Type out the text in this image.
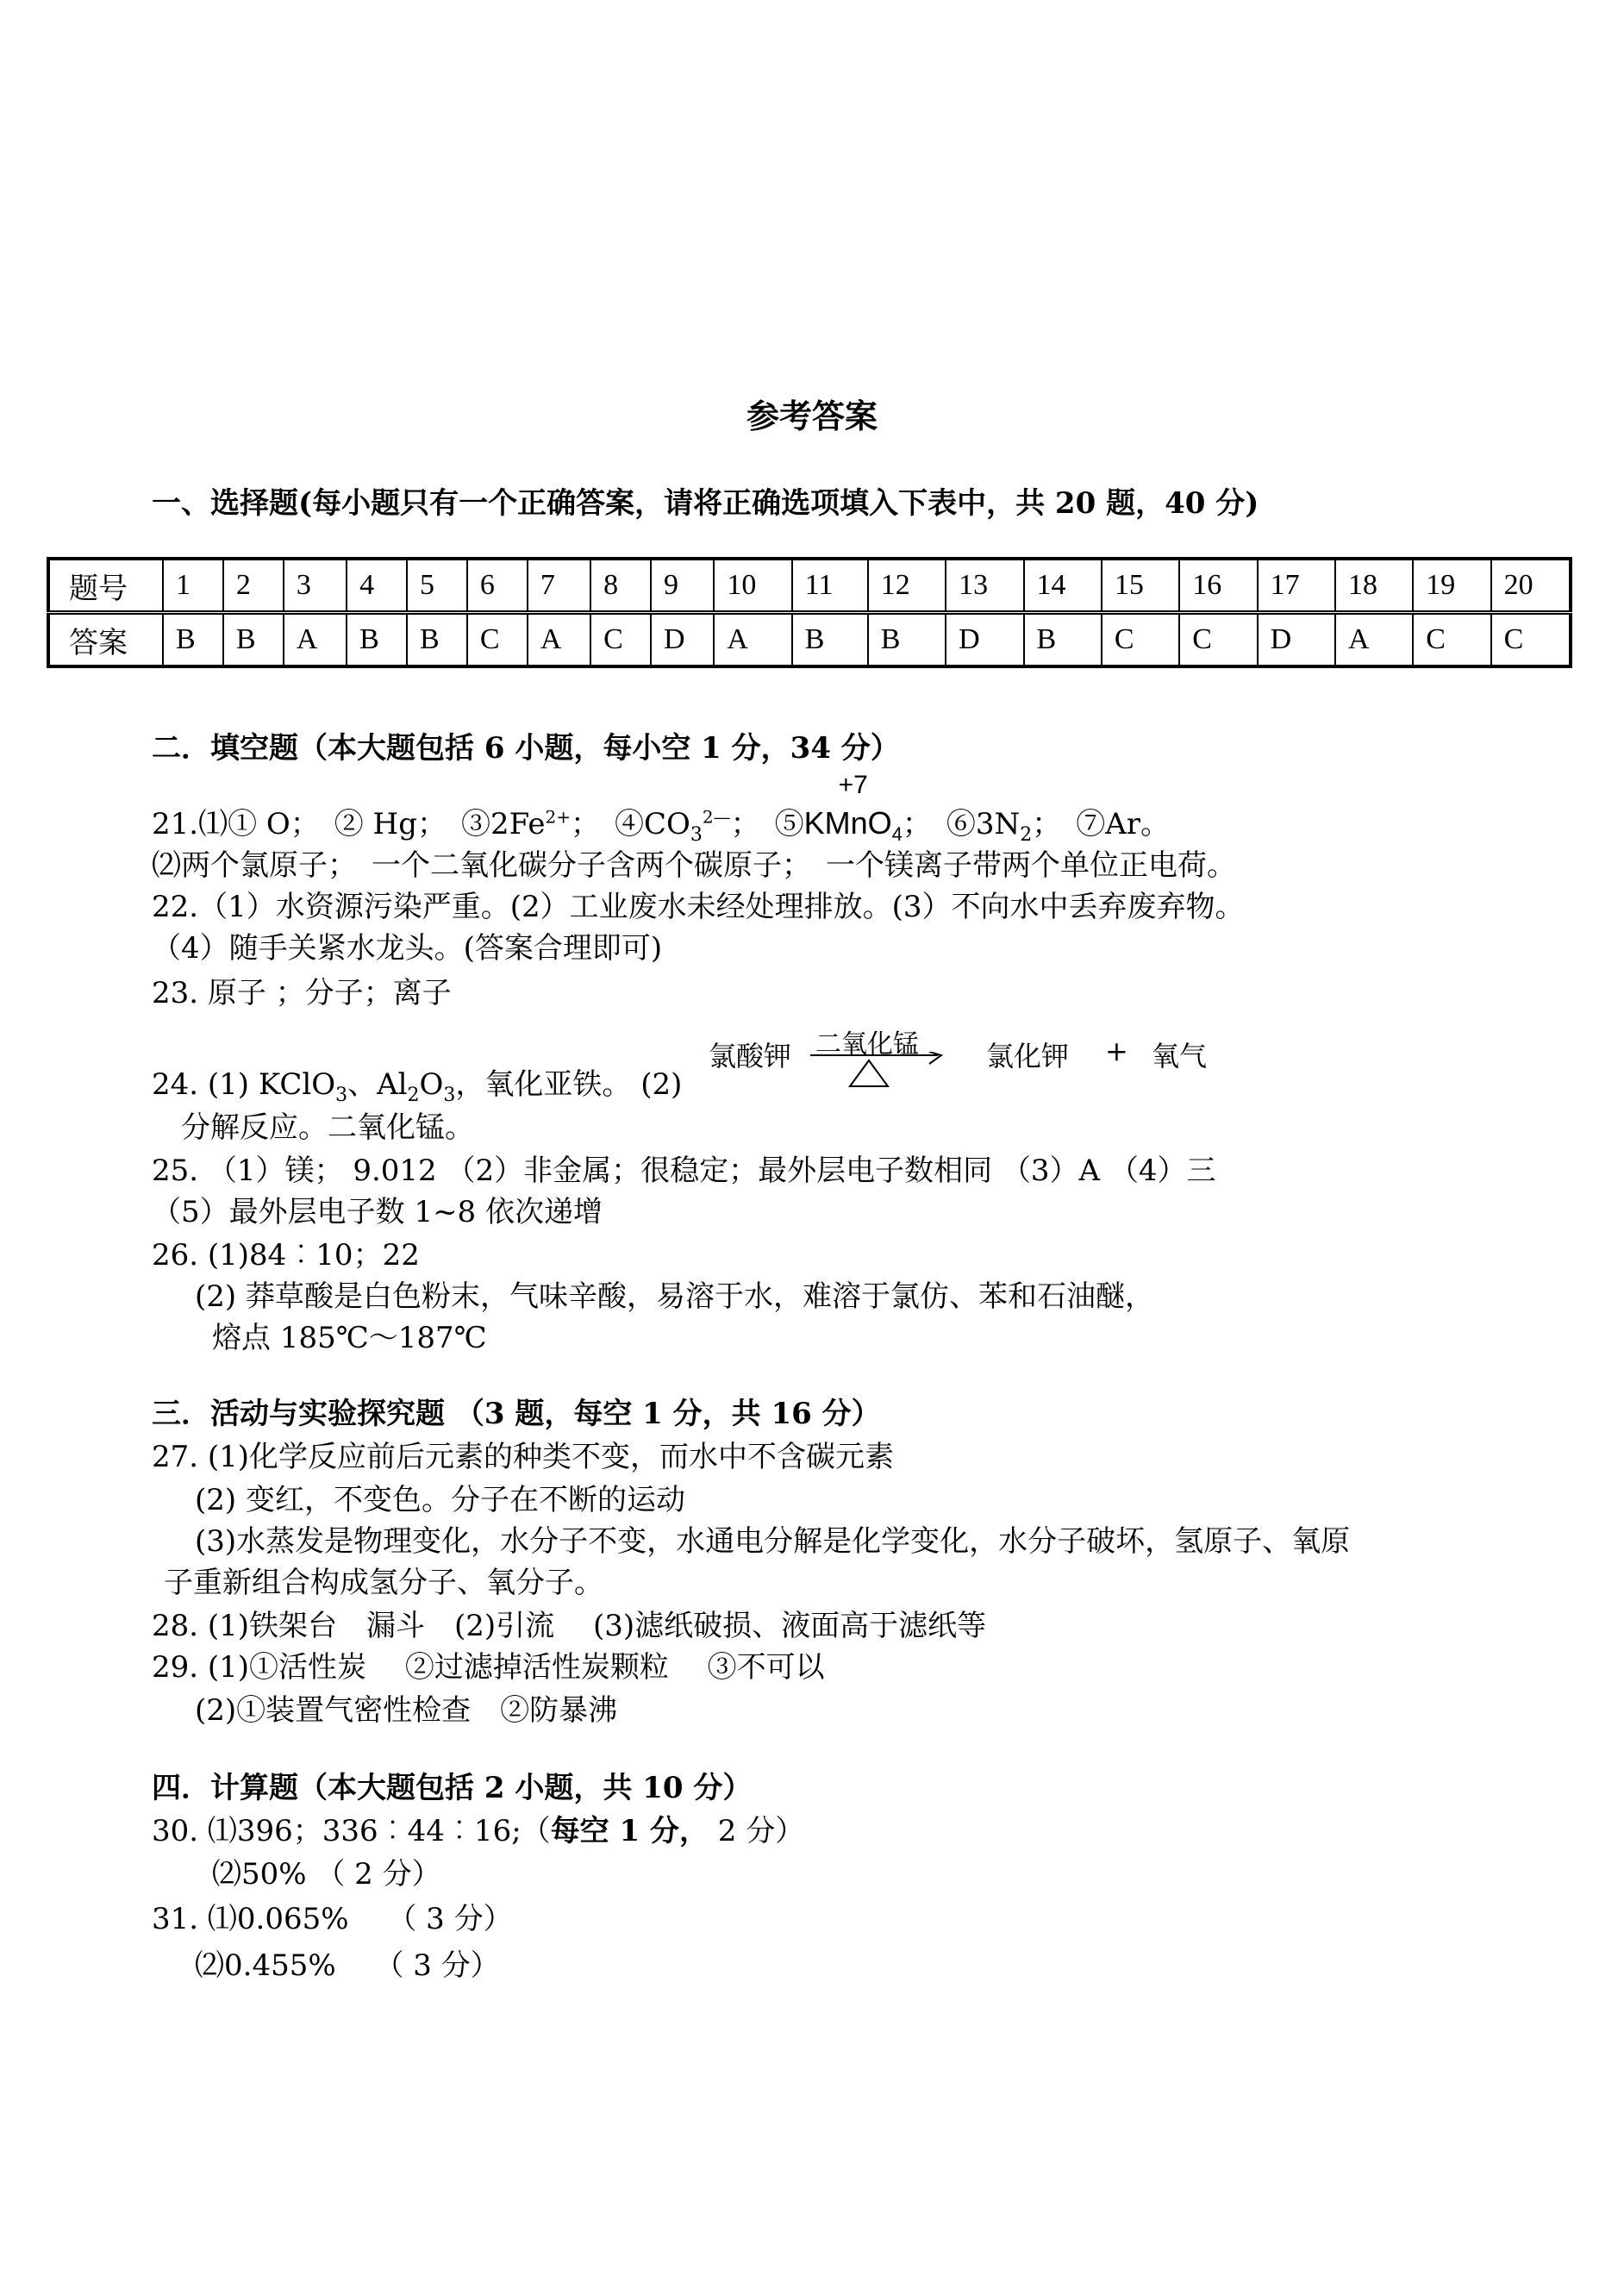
参考答案
一、选择题(每小题只有一个正确答案，请将正确选项填入下表中，共 20 题，40 分)
题号	1	2	3	4	5	6	7	8	9	10	11	12	13	14	15	16	17	18	19	20
答案	B	B	A	B	B	C	A	C	D	A	B	B	D	B	C	C	D	A	C	C
二．填空题（本大题包括 6 小题，每小空 1 分，34 分）
21.⑴① O；　② Hg；　$③2Fe^{2+}$；　$④CO_3^{2—}$；　⑤
+7
KMnO$_4$；　$⑥3N_2$；　⑦Ar。
⑵两个氯原子；　一个二氧化碳分子含两个碳原子；　一个镁离子带两个单位正电荷。
22.（1）水资源污染严重。(2）工业废水未经处理排放。(3）不向水中丢弃废弃物。
（4）随手关紧水龙头。(答案合理即可)
23. 原子 ；分子；离子
24. (1) KClO$_3$、$Al_2O_3$，氧化亚铁。 (2)
氯酸钾 二氧化锰 氯化钾 + 氧气
分解反应。二氧化锰。
25. （1）镁； 9.012 （2）非金属；很稳定；最外层电子数相同 （3）A （4）三
（5）最外层电子数 1~8 依次递增
26. (1)84︰10；22
(2) 莽草酸是白色粉末，气味辛酸，易溶于水，难溶于氯仿、苯和石油醚，
熔点 185℃～187℃
三．活动与实验探究题 （3 题，每空 1 分，共 16 分）
27. (1)化学反应前后元素的种类不变，而水中不含碳元素
(2) 变红，不变色。分子在不断的运动
(3)水蒸发是物理变化，水分子不变，水通电分解是化学变化，水分子破坏，氢原子、氧原
子重新组合构成氢分子、氧分子。
28. (1)铁架台　漏斗　(2)引流　 (3)滤纸破损、液面高于滤纸等
29. (1)①活性炭　 ②过滤掉活性炭颗粒　 ③不可以
(2)①装置气密性检查　②防暴沸
四．计算题（本大题包括 2 小题，共 10 分）
30. ⑴396；336︰44︰16;（每空 1 分， 2 分）
⑵50% （ 2 分）
31. ⑴0.065%　 （ 3 分）
⑵0.455%　 （ 3 分）
